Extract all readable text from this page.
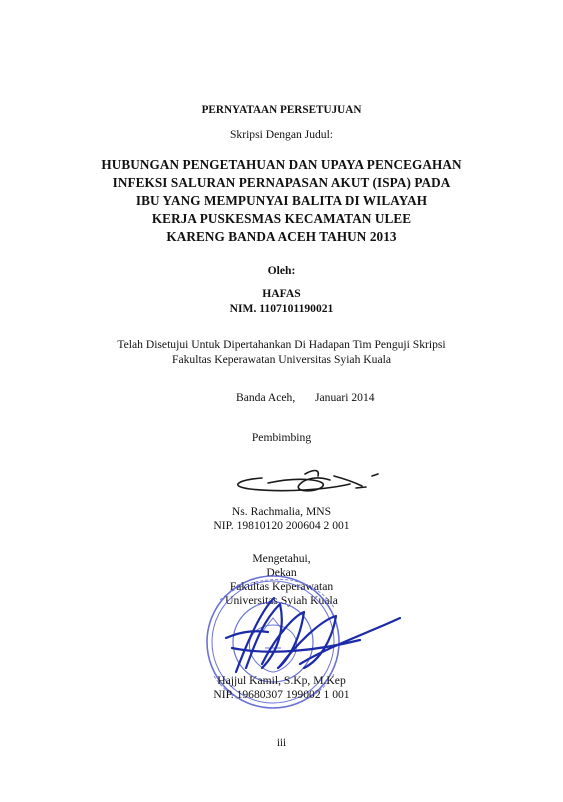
PERNYATAAN PERSETUJUAN
Skripsi Dengan Judul:
HUBUNGAN PENGETAHUAN DAN UPAYA PENCEGAHAN
INFEKSI SALURAN PERNAPASAN AKUT (ISPA) PADA
IBU YANG MEMPUNYAI BALITA DI WILAYAH
KERJA PUSKESMAS KECAMATAN ULEE
KARENG BANDA ACEH TAHUN 2013
Oleh:
HAFAS
NIM. 1107101190021
Telah Disetujui Untuk Dipertahankan Di Hadapan Tim Penguji Skripsi
Fakultas Keperawatan Universitas Syiah Kuala
Banda Aceh, Januari 2014
Pembimbing
Ns. Rachmalia, MNS
NIP. 19810120 200604 2 001
Mengetahui,
Dekan
Fakultas Keperawatan
Universitas Syiah Kuala
Hajjul Kamil, S.Kp, M.Kep
NIP. 19680307 199002 1 001
iii
